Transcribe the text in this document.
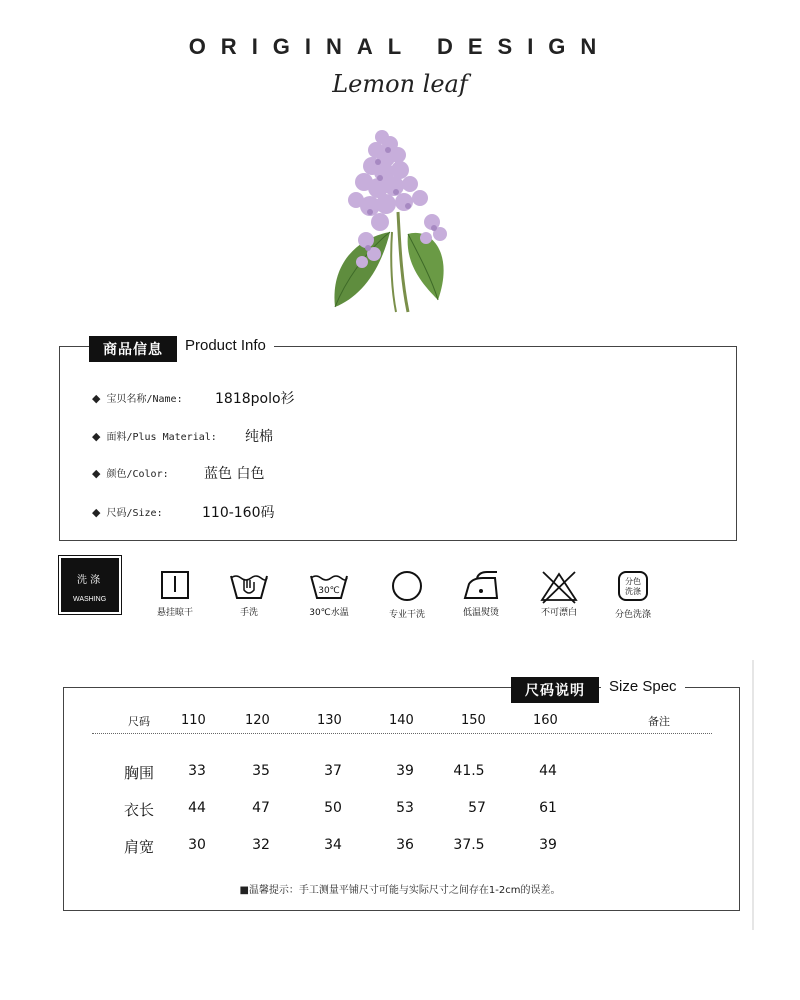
ORIGINAL DESIGN
Lemon leaf
商品信息	Product Info
◆ 宝贝名称/Name: 1818polo衫
◆ 面料/Plus Material: 纯棉
◆ 颜色/Color:	蓝色 白色
◆ 尺码/Size:	110-160码
洗 涤
WASHING
悬挂晾干	手洗
30℃
30℃水温	专业干洗	低温熨烫	不可漂白
分色
洗涤
分色洗涤
尺码说明	Size Spec
尺码 110	120	130	140	150	160	备注
胸围	33	35	37	39	41.5	44
衣长	44	47	50	53	57	61
肩宽	30	32	34	36	37.5	39
■温馨提示：手工测量平铺尺寸可能与实际尺寸之间存在1-2cm的误差。
